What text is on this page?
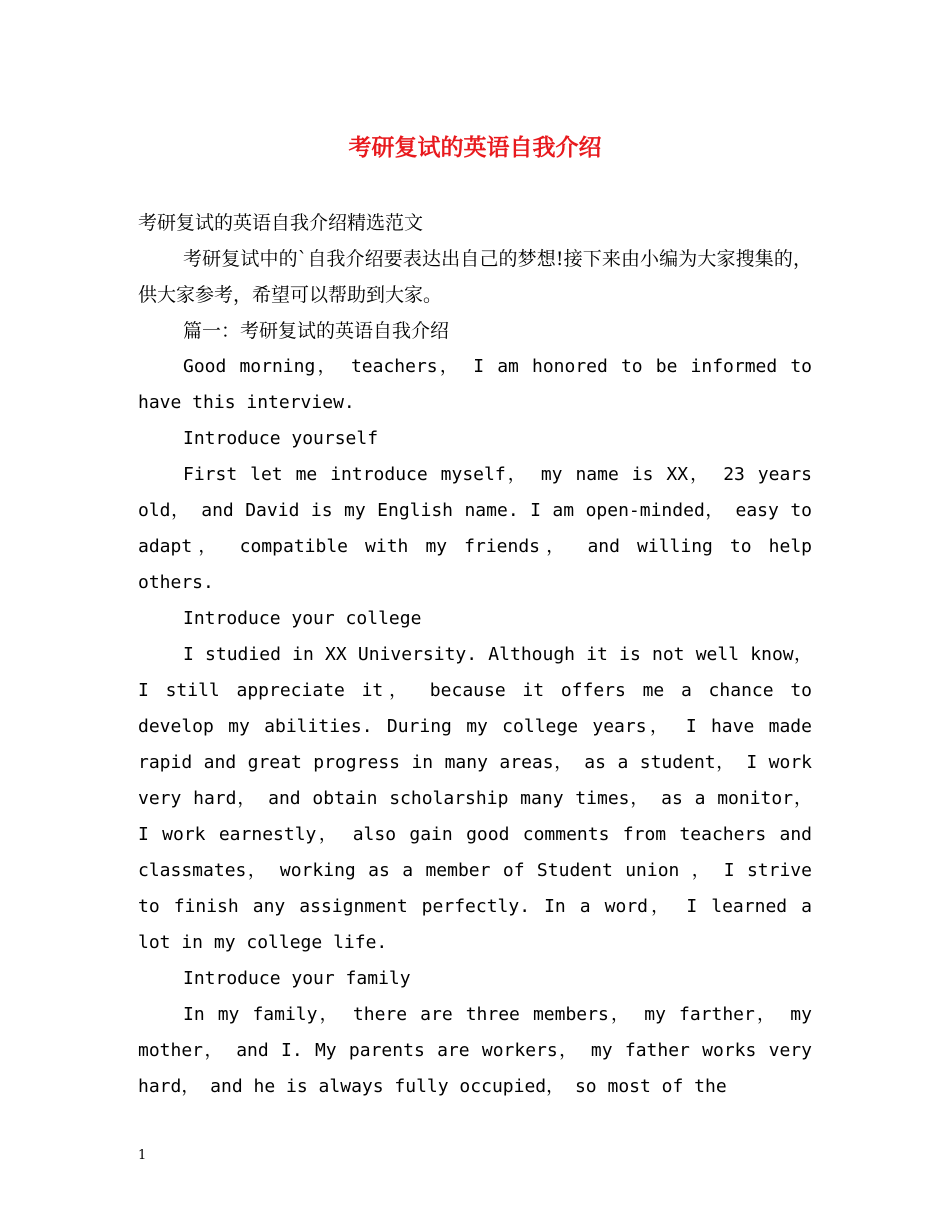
考研复试的英语自我介绍

考研复试的英语自我介绍精选范文

考研复试中的`自我介绍要表达出自己的梦想!接下来由小编为大家搜集的，供大家参考，希望可以帮助到大家。

篇一：考研复试的英语自我介绍

Good morning， teachers， I am honored to be informed to have this interview.

Introduce yourself

First let me introduce myself， my name is XX， 23 years old， and David is my English name. I am open-minded， easy to adapt， compatible with my friends， and willing to help others.

Introduce your college

I studied in XX University. Although it is not well know， I still appreciate it， because it offers me a chance to develop my abilities. During my college years， I have made rapid and great progress in many areas， as a student， I work very hard， and obtain scholarship many times， as a monitor， I work earnestly， also gain good comments from teachers and classmates， working as a member of Student union ， I strive to finish any assignment perfectly. In a word， I learned a lot in my college life.

Introduce your family

In my family， there are three members， my farther， my mother， and I. My parents are workers， my father works very hard， and he is always fully occupied， so most of the

1
